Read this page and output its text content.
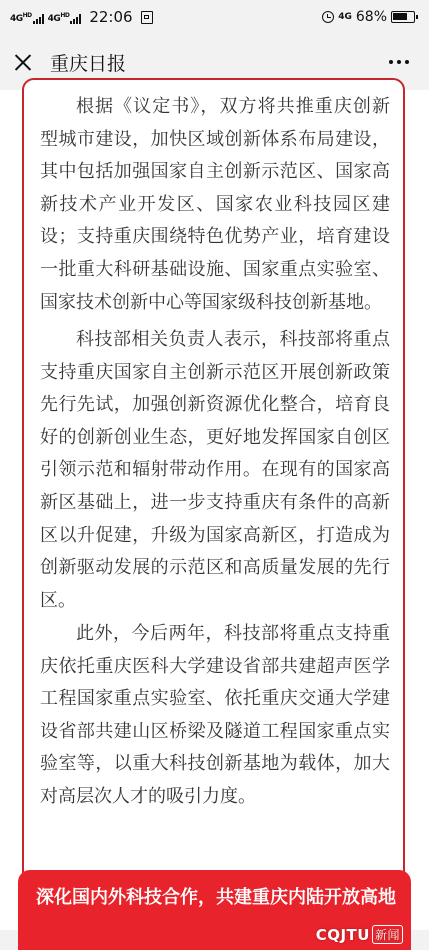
$4G^{HD}$ $4G^{HD}$ 22:06	4G 68%
重庆日报

根据《议定书》，双方将共推重庆创新型城市建设，加快区域创新体系布局建设，其中包括加强国家自主创新示范区、国家高新技术产业开发区、国家农业科技园区建设；支持重庆围绕特色优势产业，培育建设一批重大科研基础设施、国家重点实验室、国家技术创新中心等国家级科技创新基地。

科技部相关负责人表示，科技部将重点支持重庆国家自主创新示范区开展创新政策先行先试，加强创新资源优化整合，培育良好的创新创业生态，更好地发挥国家自创区引领示范和辐射带动作用。在现有的国家高新区基础上，进一步支持重庆有条件的高新区以升促建，升级为国家高新区，打造成为创新驱动发展的示范区和高质量发展的先行区。

此外，今后两年，科技部将重点支持重庆依托重庆医科大学建设省部共建超声医学工程国家重点实验室、依托重庆交通大学建设省部共建山区桥梁及隧道工程国家重点实验室等，以重大科技创新基地为载体，加大对高层次人才的吸引力度。

深化国内外科技合作，共建重庆内陆开放高地

CQJTU 新闻
